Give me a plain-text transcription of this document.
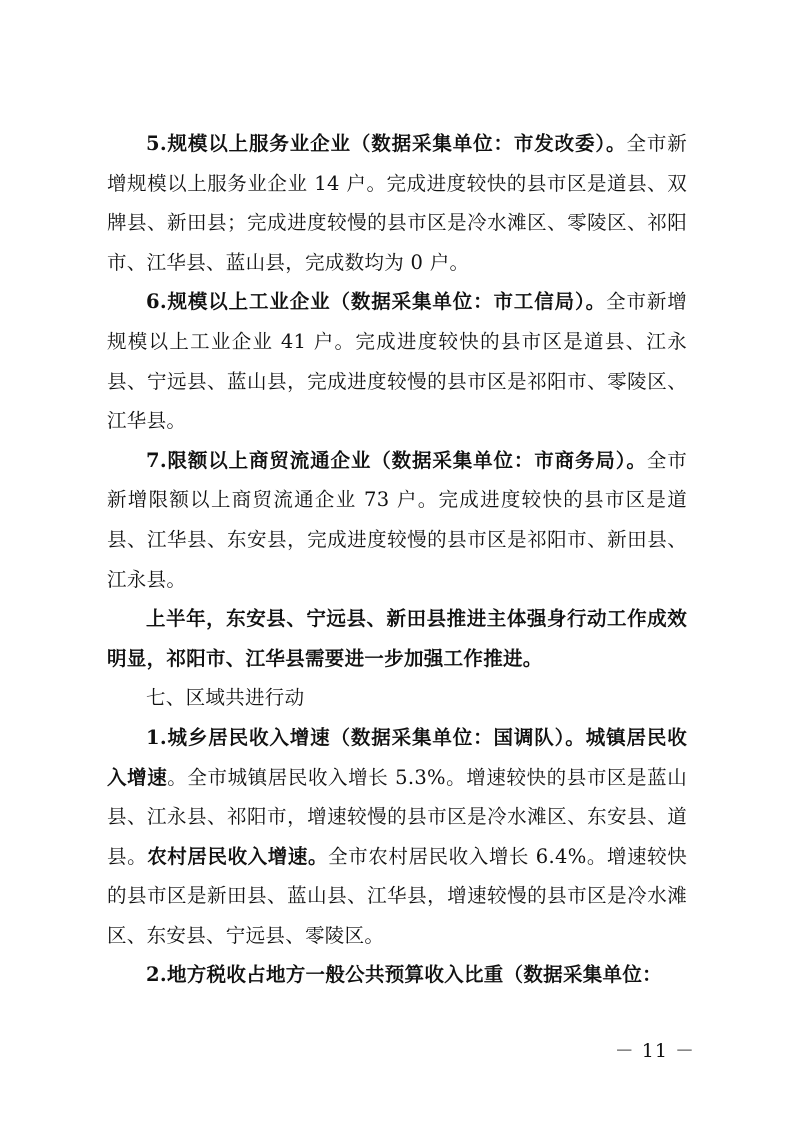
5.规模以上服务业企业（数据采集单位：市发改委）。全市新增规模以上服务业企业 14 户。完成进度较快的县市区是道县、双牌县、新田县；完成进度较慢的县市区是冷水滩区、零陵区、祁阳市、江华县、蓝山县，完成数均为 0 户。

6.规模以上工业企业（数据采集单位：市工信局）。全市新增规模以上工业企业 41 户。完成进度较快的县市区是道县、江永县、宁远县、蓝山县，完成进度较慢的县市区是祁阳市、零陵区、江华县。

7.限额以上商贸流通企业（数据采集单位：市商务局）。全市新增限额以上商贸流通企业 73 户。完成进度较快的县市区是道县、江华县、东安县，完成进度较慢的县市区是祁阳市、新田县、江永县。

上半年，东安县、宁远县、新田县推进主体强身行动工作成效明显，祁阳市、江华县需要进一步加强工作推进。

七、区域共进行动

1.城乡居民收入增速（数据采集单位：国调队）。城镇居民收入增速。全市城镇居民收入增长 5.3%。增速较快的县市区是蓝山县、江永县、祁阳市，增速较慢的县市区是冷水滩区、东安县、道县。农村居民收入增速。全市农村居民收入增长 6.4%。增速较快的县市区是新田县、蓝山县、江华县，增速较慢的县市区是冷水滩区、东安县、宁远县、零陵区。

2.地方税收占地方一般公共预算收入比重（数据采集单位：

－ 11 －
